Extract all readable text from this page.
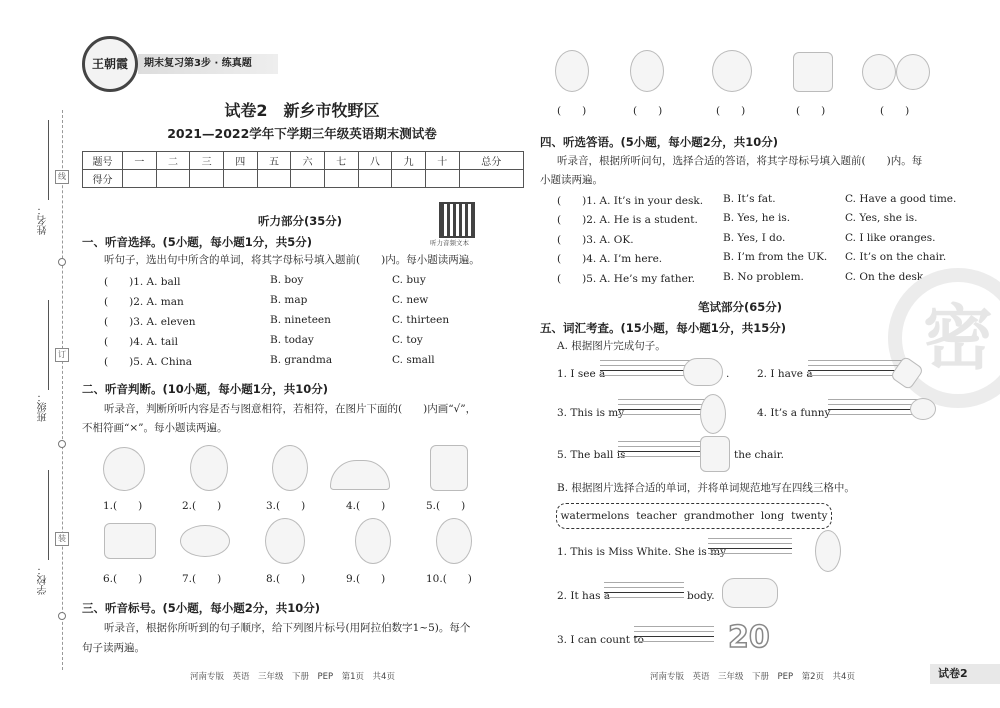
姓名：
班级：
学校：
线
订
装
王朝霞	期末复习第3步 · 练真题
试卷2　新乡市牧野区
2021—2022学年下学期三年级英语期末测试卷
题号	一	二	三	四	五	六	七	八	九	十	总分
得分											
听力部分(35分)
听力音频文本
一、听音选择。(5小题，每小题1分，共5分)
听句子，选出句中所含的单词，将其字母标号填入题前(　　)内。每小题读两遍。
(　　)1. A. ball	B. boy	C. buy
(　　)2. A. man	B. map	C. new
(　　)3. A. eleven	B. nineteen	C. thirteen
(　　)4. A. tail	B. today	C. toy
(　　)5. A. China	B. grandma	C. small
二、听音判断。(10小题，每小题1分，共10分)
听录音，判断所听内容是否与图意相符，若相符，在图片下面的(　　)内画“√”，
不相符画“×”。每小题读两遍。
1.(　　)	2.(　　)	3.(　　)	4.(　　)	5.(　　)
6.(　　)	7.(　　)	8.(　　)	9.(　　)	10.(　　)
三、听音标号。(5小题，每小题2分，共10分)
听录音，根据你所听到的句子顺序，给下列图片标号(用阿拉伯数字1~5)。每个
句子读两遍。
河南专版　英语　三年级　下册　PEP　第1页　共4页
(　　)	(　　)	(　　)	(　　)	(　　)
四、听选答语。(5小题，每小题2分，共10分)
听录音，根据所听问句，选择合适的答语，将其字母标号填入题前(　　)内。每
小题读两遍。
(　　)1. A. It’s in your desk.	B. It’s fat.	C. Have a good time.
(　　)2. A. He is a student.	B. Yes, he is.	C. Yes, she is.
(　　)3. A. OK.	B. Yes, I do.	C. I like oranges.
(　　)4. A. I’m here.	B. I’m from the UK.	C. It’s on the chair.
(　　)5. A. He’s my father.	B. No problem.	C. On the desk.
笔试部分(65分)	密
五、词汇考查。(15小题，每小题1分，共15分)
A. 根据图片完成句子。
1. I see a	.	2. I have a
3. This is my	4. It’s a funny
5. The ball is	the chair.
B. 根据图片选择合适的单词，并将单词规范地写在四线三格中。
watermelons teacher grandmother long twenty
1. This is Miss White. She is my
2. It has a	body.
3. I can count to	20
河南专版　英语　三年级　下册　PEP　第2页　共4页	试卷2
